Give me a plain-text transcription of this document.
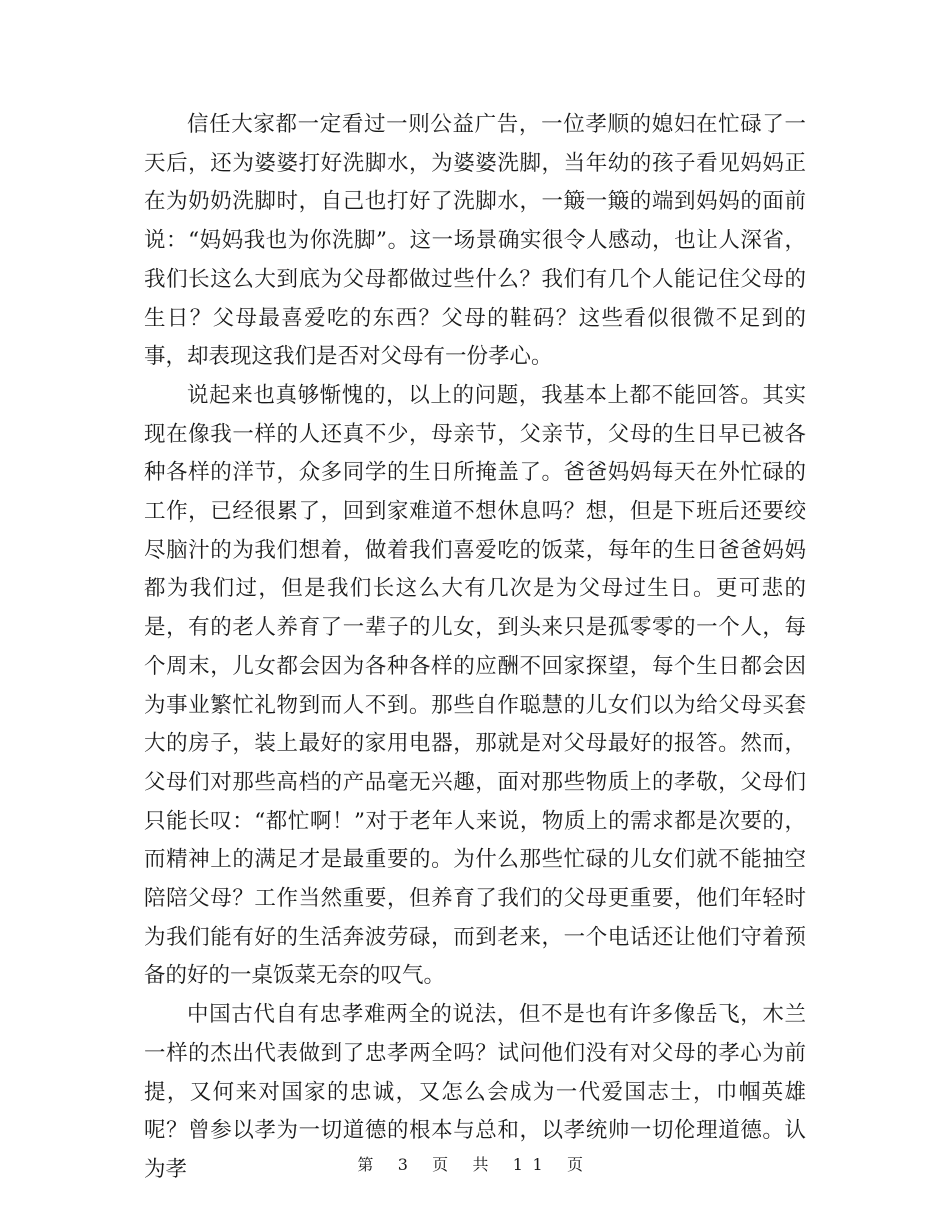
信任大家都一定看过一则公益广告，一位孝顺的媳妇在忙碌了一天后，还为婆婆打好洗脚水，为婆婆洗脚，当年幼的孩子看见妈妈正在为奶奶洗脚时，自己也打好了洗脚水，一簸一簸的端到妈妈的面前说：“妈妈我也为你洗脚”。这一场景确实很令人感动，也让人深省，我们长这么大到底为父母都做过些什么？我们有几个人能记住父母的生日？父母最喜爱吃的东西？父母的鞋码？这些看似很微不足到的事，却表现这我们是否对父母有一份孝心。

说起来也真够惭愧的，以上的问题，我基本上都不能回答。其实现在像我一样的人还真不少，母亲节，父亲节，父母的生日早已被各种各样的洋节，众多同学的生日所掩盖了。爸爸妈妈每天在外忙碌的工作，已经很累了，回到家难道不想休息吗？想，但是下班后还要绞尽脑汁的为我们想着，做着我们喜爱吃的饭菜，每年的生日爸爸妈妈都为我们过，但是我们长这么大有几次是为父母过生日。更可悲的是，有的老人养育了一辈子的儿女，到头来只是孤零零的一个人，每个周末，儿女都会因为各种各样的应酬不回家探望，每个生日都会因为事业繁忙礼物到而人不到。那些自作聪慧的儿女们以为给父母买套大的房子，装上最好的家用电器，那就是对父母最好的报答。然而，父母们对那些高档的产品毫无兴趣，面对那些物质上的孝敬，父母们只能长叹：“都忙啊！”对于老年人来说，物质上的需求都是次要的，而精神上的满足才是最重要的。为什么那些忙碌的儿女们就不能抽空陪陪父母？工作当然重要，但养育了我们的父母更重要，他们年轻时为我们能有好的生活奔波劳碌，而到老来，一个电话还让他们守着预备的好的一桌饭菜无奈的叹气。

中国古代自有忠孝难两全的说法，但不是也有许多像岳飞，木兰一样的杰出代表做到了忠孝两全吗？试问他们没有对父母的孝心为前提，又何来对国家的忠诚，又怎么会成为一代爱国志士，巾帼英雄呢？曾参以孝为一切道德的根本与总和，以孝统帅一切伦理道德。认为孝	第 3 页 共 11 页
